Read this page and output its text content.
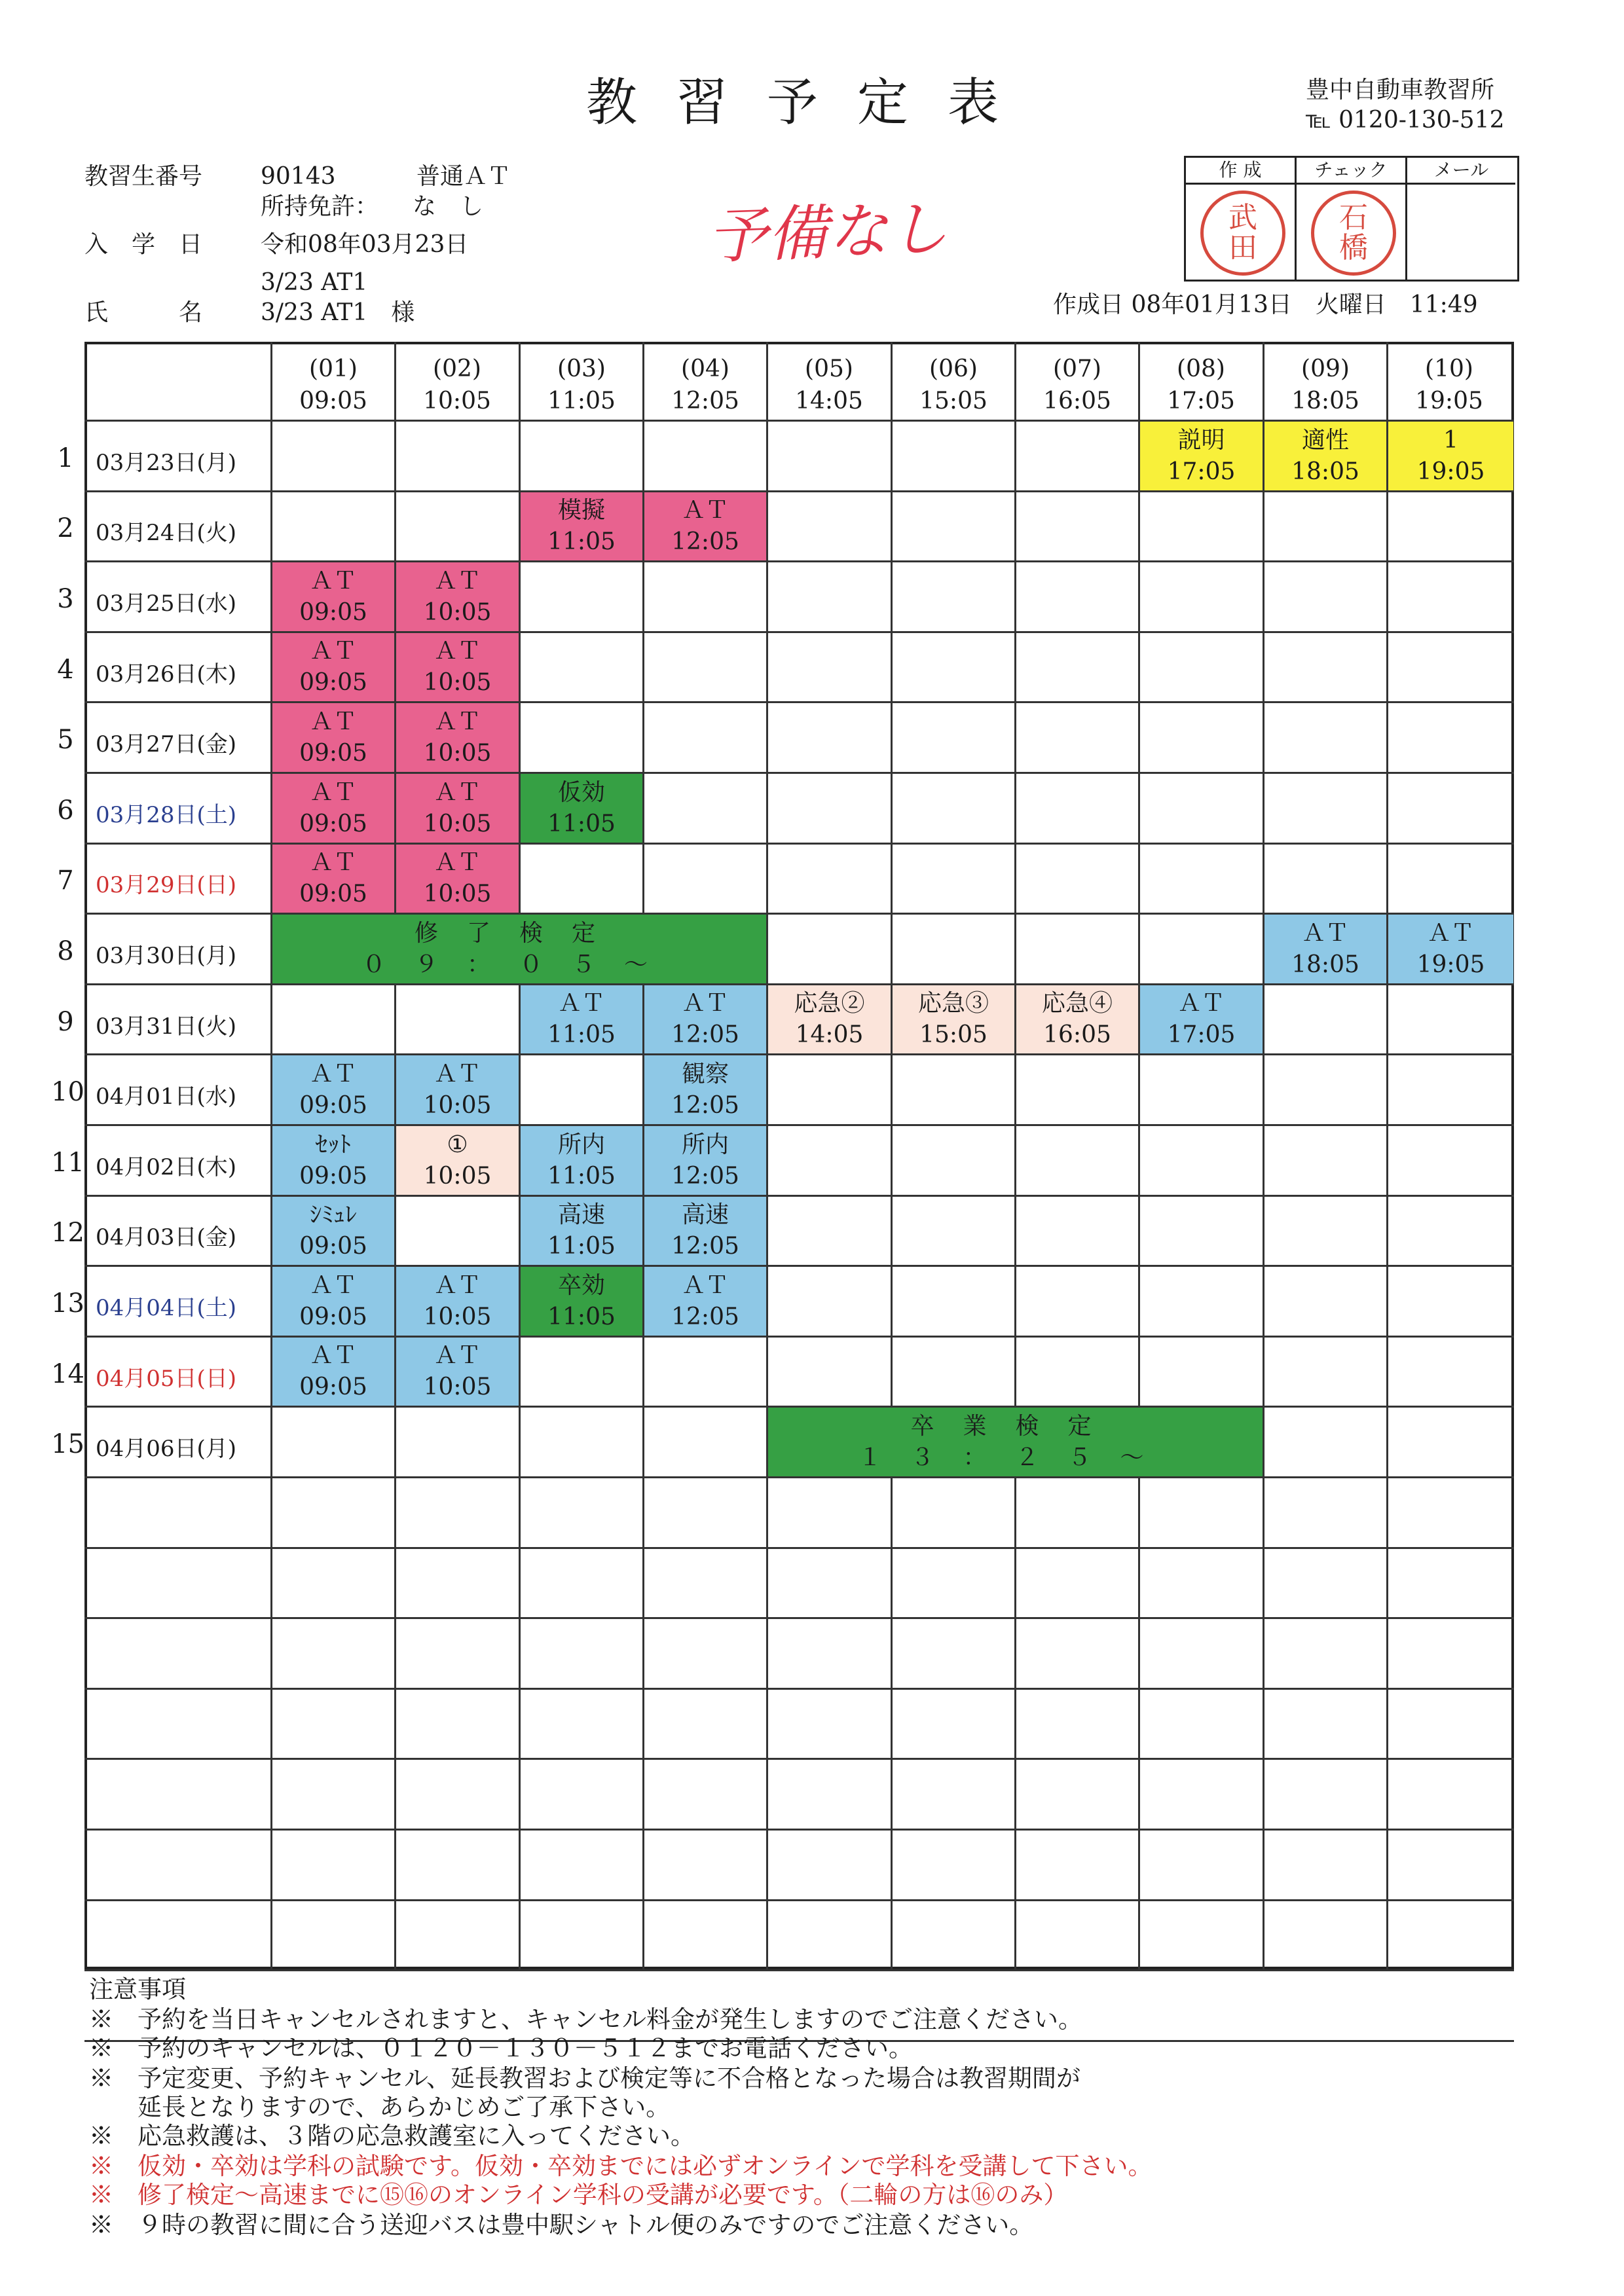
教習予定表	豊中自動車教習所
℡ 0120-130-512
教習生番号 90143	普通ＡＴ
所持免許： な　し
入　学　日 令和08年03月23日
3/23 AT1
氏　　　名 3/23 AT1　様
予備なし
作 成
武
田
チェック
石
橋
メール
作成日 08年01月13日　火曜日　11:49
(01)
09:05
(02)
10:05
(03)
11:05
(04)
12:05
(05)
14:05
(06)
15:05
(07)
16:05
(08)
17:05
(09)
18:05
(10)
19:05
1 03月23日(月)
2 03月24日(火)
3 03月25日(水)
4 03月26日(木)
5 03月27日(金)
6 03月28日(土)
7 03月29日(日)
8 03月30日(月)
9 03月31日(火)
10 04月01日(水)
11 04月02日(木)
12 04月03日(金)
13 04月04日(土)
14 04月05日(日)
15 04月06日(月)
説明
17:05
適性
18:05
1
19:05
模擬
11:05
ＡＴ
12:05
ＡＴ
09:05
ＡＴ
10:05
ＡＴ
09:05
ＡＴ
10:05
ＡＴ
09:05
ＡＴ
10:05
ＡＴ
09:05
ＡＴ
10:05
仮効
11:05
ＡＴ
09:05
ＡＴ
10:05
ＡＴ
18:05
ＡＴ
19:05
ＡＴ
11:05
ＡＴ
12:05
応急②
14:05
応急③
15:05
応急④
16:05
ＡＴ
17:05
ＡＴ
09:05
ＡＴ
10:05
観察
12:05
ｾｯﾄ
09:05
①
10:05
所内
11:05
所内
12:05
ｼﾐｭﾚ
09:05
高速
11:05
高速
12:05
ＡＴ
09:05
ＡＴ
10:05
卒効
11:05
ＡＴ
12:05
ＡＴ
09:05
ＡＴ
10:05
修了検定
０９：０５～
卒業検定
１３：２５～
注意事項
※　予約を当日キャンセルされますと、キャンセル料金が発生しますのでご注意ください。
※　予約のキャンセルは、０１２０－１３０－５１２までお電話ください。
※　予定変更、予約キャンセル、延長教習および検定等に不合格となった場合は教習期間が
　　延長となりますので、あらかじめご了承下さい。
※　応急救護は、３階の応急救護室に入ってください。
※　仮効・卒効は学科の試験です。仮効・卒効までには必ずオンラインで学科を受講して下さい。
※　修了検定～高速までに⑮⑯のオンライン学科の受講が必要です。（二輪の方は⑯のみ）
※　９時の教習に間に合う送迎バスは豊中駅シャトル便のみですのでご注意ください。
